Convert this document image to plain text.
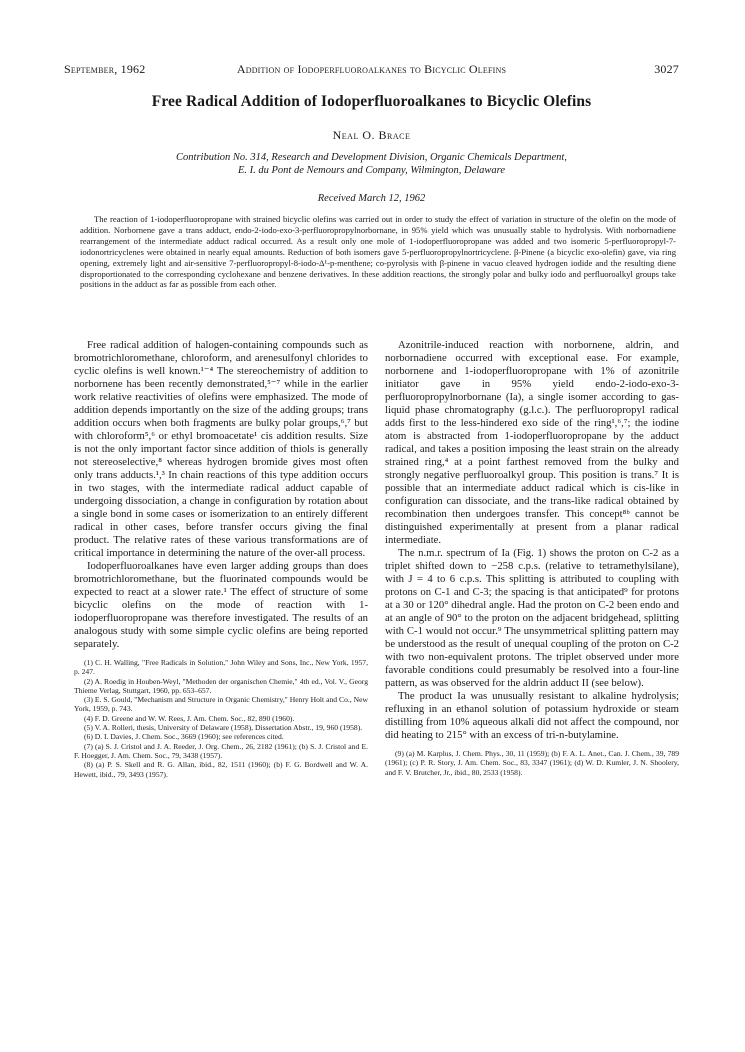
September, 1962	Addition of Iodoperfluoroalkanes to Bicyclic Olefins	3027
Free Radical Addition of Iodoperfluoroalkanes to Bicyclic Olefins
Neal O. Brace
Contribution No. 314, Research and Development Division, Organic Chemicals Department,
E. I. du Pont de Nemours and Company, Wilmington, Delaware
Received March 12, 1962
The reaction of 1-iodoperfluoropropane with strained bicyclic olefins was carried out in order to study the effect of variation in structure of the olefin on the mode of addition. Norbornene gave a trans adduct, endo-2-iodo-exo-3-perfluoropropylnorbornane, in 95% yield which was unusually stable to hydrolysis. With norbornadiene rearrangement of the intermediate adduct radical occurred. As a result only one mole of 1-iodoperfluoropropane was added and two isomeric 5-perfluoropropyl-7-iodonortricyclenes were obtained in nearly equal amounts. Reduction of both isomers gave 5-perfluoropropylnortricyclene. β-Pinene (a bicyclic exo-olefin) gave, via ring opening, extremely light and air-sensitive 7-perfluoropropyl-8-iodo-Δ¹-p-menthene; co-pyrolysis with β-pinene in vacuo cleaved hydrogen iodide and the resulting diene disproportionated to the corresponding cyclohexane and benzene derivatives. In these addition reactions, the strongly polar and bulky iodo and perfluoroalkyl groups take positions in the adduct as far as possible from each other.

Free radical addition of halogen-containing compounds such as bromotrichloromethane, chloroform, and arenesulfonyl chlorides to cyclic olefins is well known.¹⁻⁴ The stereochemistry of addition to norbornene has been recently demonstrated,⁵⁻⁷ while in the earlier work relative reactivities of olefins were emphasized. The mode of addition depends importantly on the size of the adding groups; trans addition occurs when both fragments are bulky polar groups,⁶,⁷ but with chloroform⁵,⁶ or ethyl bromoacetate¹ cis addition results. Size is not the only important factor since addition of thiols is generally not stereoselective,⁸ whereas hydrogen bromide gives most often only trans adducts.¹,³ In chain reactions of this type addition occurs in two stages, with the intermediate radical adduct capable of undergoing dissociation, a change in configuration by rotation about a single bond in some cases or isomerization to an entirely different radical in other cases, before transfer occurs giving the final product. The relative rates of these various transformations are of critical importance in determining the nature of the over-all process.

Iodoperfluoroalkanes have even larger adding groups than does bromotrichloromethane, but the fluorinated compounds would be expected to react at a slower rate.¹ The effect of structure of some bicyclic olefins on the mode of reaction with 1-iodoperfluoropropane was therefore investigated. The results of an analogous study with some simple cyclic olefins are being reported separately.

(1) C. H. Walling, "Free Radicals in Solution," John Wiley and Sons, Inc., New York, 1957, p. 247.
(2) A. Roedig in Houben-Weyl, "Methoden der organischen Chemie," 4th ed., Vol. V., Georg Thieme Verlag, Stuttgart, 1960, pp. 653–657.
(3) E. S. Gould, "Mechanism and Structure in Organic Chemistry," Henry Holt and Co., New York, 1959, p. 743.
(4) F. D. Greene and W. W. Rees, J. Am. Chem. Soc., 82, 890 (1960).
(5) V. A. Rolleri, thesis, University of Delaware (1958), Dissertation Abstr., 19, 960 (1958).
(6) D. I. Davies, J. Chem. Soc., 3669 (1960); see references cited.
(7) (a) S. J. Cristol and J. A. Reeder, J. Org. Chem., 26, 2182 (1961); (b) S. J. Cristol and E. F. Hoegger, J. Am. Chem. Soc., 79, 3438 (1957).
(8) (a) P. S. Skell and R. G. Allan, ibid., 82, 1511 (1960); (b) F. G. Bordwell and W. A. Hewett, ibid., 79, 3493 (1957).

Azonitrile-induced reaction with norbornene, aldrin, and norbornadiene occurred with exceptional ease. For example, norbornene and 1-iodoperfluoropropane with 1% of azonitrile initiator gave in 95% yield endo-2-iodo-exo-3-perfluoropropylnorbornane (Ia), a single isomer according to gas-liquid phase chromatography (g.l.c.). The perfluoropropyl radical adds first to the less-hindered exo side of the ring¹,⁶,⁷; the iodine atom is abstracted from 1-iodoperfluoropropane by the adduct radical, and takes a position imposing the least strain on the already strained ring,⁴ at a point farthest removed from the bulky and strongly negative perfluoroalkyl group. This position is trans.⁷ It is possible that an intermediate adduct radical which is cis-like in configuration can dissociate, and the trans-like radical obtained by recombination then undergoes transfer. This concept⁸ᵇ cannot be distinguished experimentally at present from a planar radical intermediate.

The n.m.r. spectrum of Ia (Fig. 1) shows the proton on C-2 as a triplet shifted down to −258 c.p.s. (relative to tetramethylsilane), with J = 4 to 6 c.p.s. This splitting is attributed to coupling with protons on C-1 and C-3; the spacing is that anticipated⁹ for protons at a 30 or 120° dihedral angle. Had the proton on C-2 been endo and at an angle of 90° to the proton on the adjacent bridgehead, splitting with C-1 would not occur.⁹ The unsymmetrical splitting pattern may be understood as the result of unequal coupling of the proton on C-2 with two non-equivalent protons. The triplet observed under more favorable conditions could presumably be resolved into a four-line pattern, as was observed for the aldrin adduct II (see below).

The product Ia was unusually resistant to alkaline hydrolysis; refluxing in an ethanol solution of potassium hydroxide or steam distilling from 10% aqueous alkali did not affect the compound, nor did heating to 215° with an excess of tri-n-butylamine.

(9) (a) M. Karplus, J. Chem. Phys., 30, 11 (1959); (b) F. A. L. Anet., Can. J. Chem., 39, 789 (1961); (c) P. R. Story, J. Am. Chem. Soc., 83, 3347 (1961); (d) W. D. Kumler, J. N. Shoolery, and F. V. Brutcher, Jr., ibid., 80, 2533 (1958).
